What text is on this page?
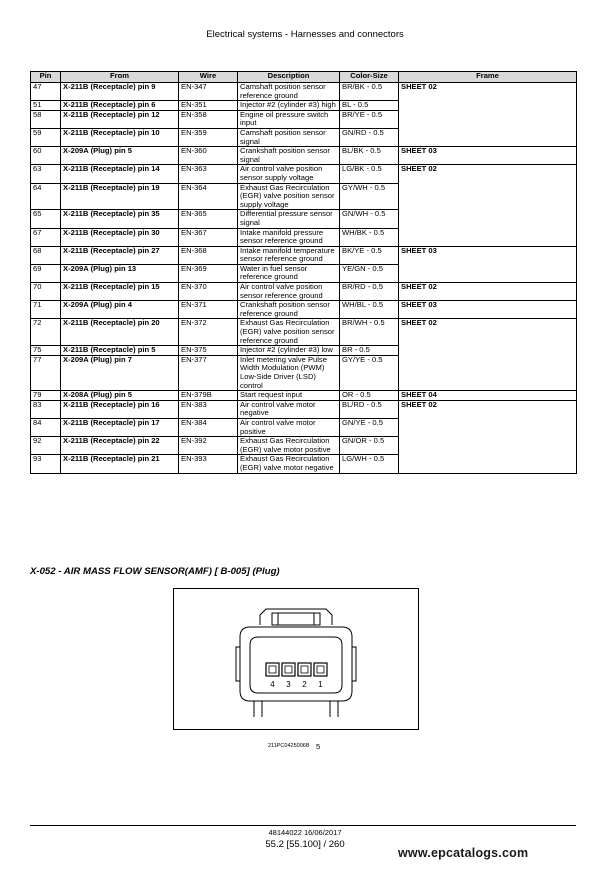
Electrical systems - Harnesses and connectors
Pin	From	Wire	Description	Color-Size	Frame
47	X-211B (Receptacle) pin 9	EN-347	Camshaft position sensor reference ground	BR/BK - 0.5	SHEET 02
51	X-211B (Receptacle) pin 6	EN-351	Injector #2 (cylinder #3) high	BL - 0.5	
58	X-211B (Receptacle) pin 12	EN-358	Engine oil pressure switch input	BR/YE - 0.5	
59	X-211B (Receptacle) pin 10	EN-359	Camshaft position sensor signal	GN/RD - 0.5	
60	X-209A (Plug) pin 5	EN-360	Crankshaft position sensor signal	BL/BK - 0.5	SHEET 03
63	X-211B (Receptacle) pin 14	EN-363	Air control valve position sensor supply voltage	LG/BK - 0.5	SHEET 02
64	X-211B (Receptacle) pin 19	EN-364	Exhaust Gas Recirculation (EGR) valve position sensor supply voltage	GY/WH - 0.5	
65	X-211B (Receptacle) pin 35	EN-365	Differential pressure sensor signal	GN/WH - 0.5	
67	X-211B (Receptacle) pin 30	EN-367	Intake manifold pressure sensor reference ground	WH/BK - 0.5	
68	X-211B (Receptacle) pin 27	EN-368	Intake manifold temperature sensor reference ground	BK/YE - 0.5	SHEET 03
69	X-209A (Plug) pin 13	EN-369	Water in fuel sensor reference ground	YE/GN - 0.5	
70	X-211B (Receptacle) pin 15	EN-370	Air control valve position sensor reference ground	BR/RD - 0.5	SHEET 02
71	X-209A (Plug) pin 4	EN-371	Crankshaft position sensor reference ground	WH/BL - 0.5	SHEET 03
72	X-211B (Receptacle) pin 20	EN-372	Exhaust Gas Recirculation (EGR) valve position sensor reference ground	BR/WH - 0.5	SHEET 02
75	X-211B (Receptacle) pin 5	EN-375	Injector #2 (cylinder #3) low	BR - 0.5	
77	X-209A (Plug) pin 7	EN-377	Inlet metering valve Pulse Width Modulation (PWM) Low-Side Driver (LSD) control	GY/YE - 0.5	
79	X-208A (Plug) pin 5	EN-379B	Start request input	OR - 0.5	SHEET 04
83	X-211B (Receptacle) pin 16	EN-383	Air control valve motor negative	BL/RD - 0.5	SHEET 02
84	X-211B (Receptacle) pin 17	EN-384	Air control valve motor positive	GN/YE - 0.5	
92	X-211B (Receptacle) pin 22	EN-392	Exhaust Gas Recirculation (EGR) valve motor positive	GN/OR - 0.5	
93	X-211B (Receptacle) pin 21	EN-393	Exhaust Gas Recirculation (EGR) valve motor negative	LG/WH - 0.5	
X-052 - AIR MASS FLOW SENSOR(AMF) [ B-005] (Plug)
4 3 2 1
211PC0425006B 5
48144022 16/06/2017
55.2 [55.100] / 260
www.epcatalogs.com
